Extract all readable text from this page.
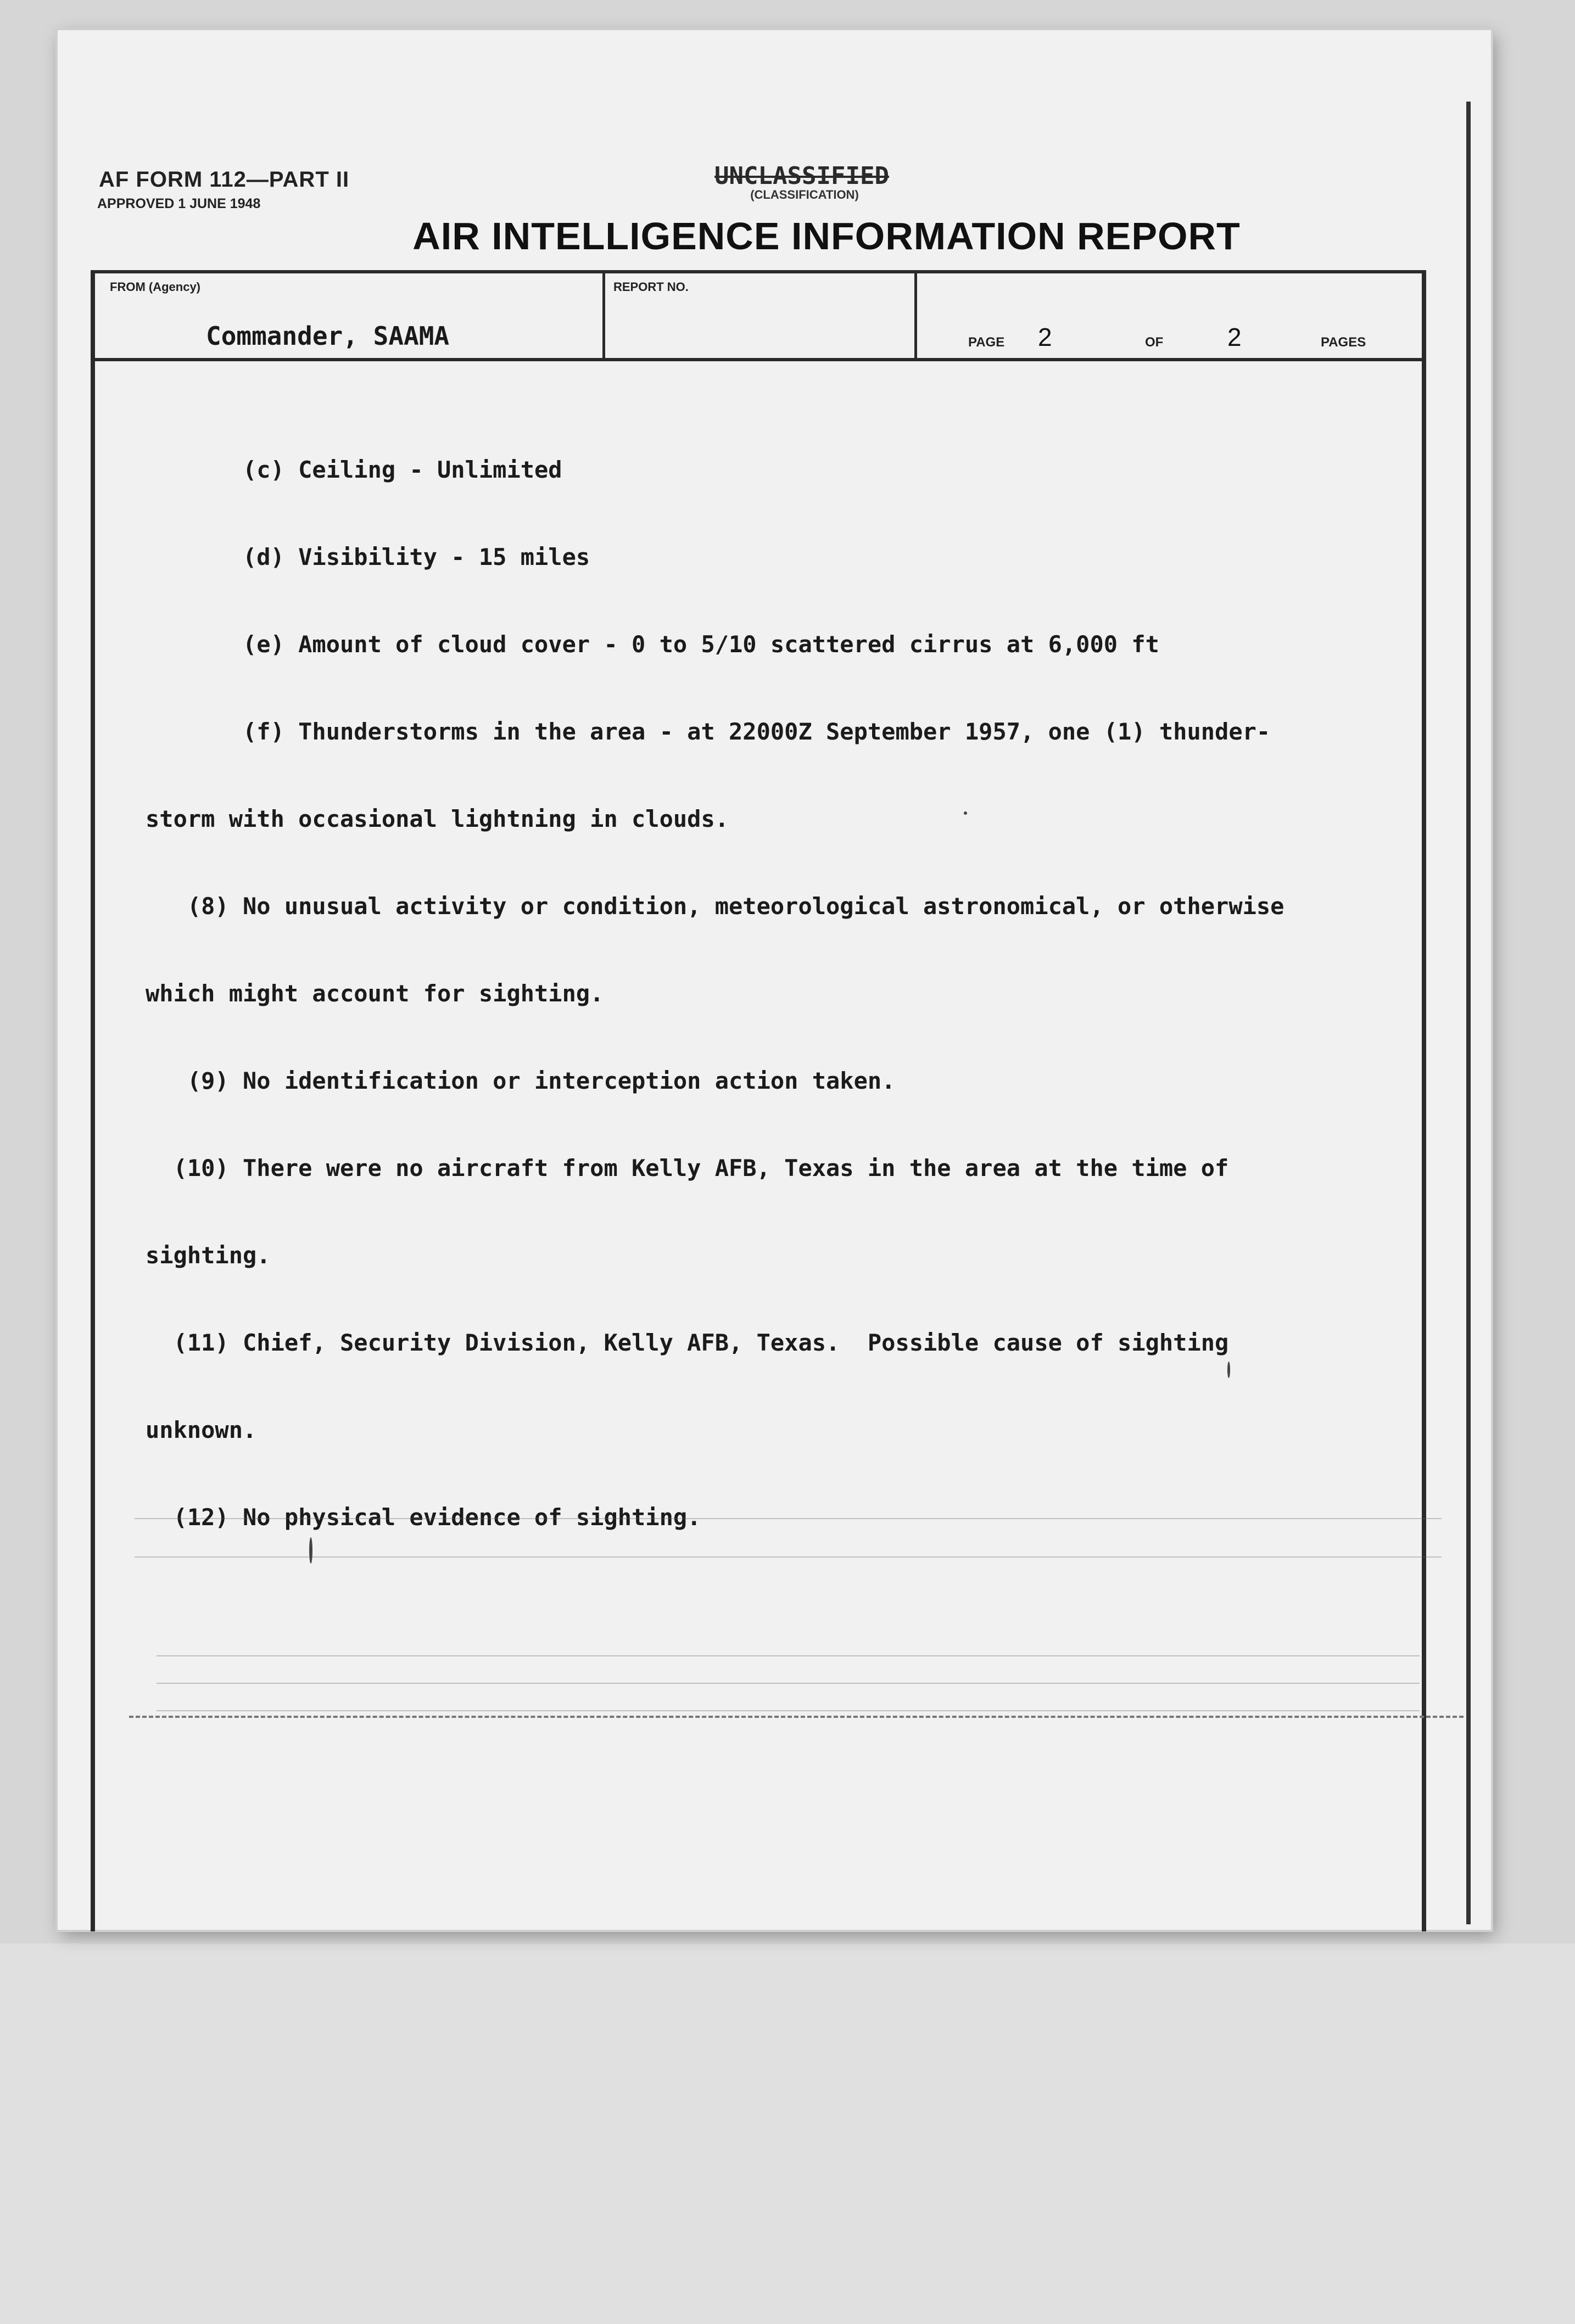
AF FORM 112—PART II
APPROVED 1 JUNE 1948
UNCLASSIFIED
(CLASSIFICATION)
AIR INTELLIGENCE INFORMATION REPORT
FROM (Agency)
Commander, SAAMA
REPORT NO.
PAGE 2	OF	2	PAGES

(c) Ceiling - Unlimited

(d) Visibility - 15 miles

(e) Amount of cloud cover - 0 to 5/10 scattered cirrus at 6,000 ft

(f) Thunderstorms in the area - at 22000Z September 1957, one (1) thunder-

storm with occasional lightning in clouds.

(8) No unusual activity or condition, meteorological astronomical, or otherwise

which might account for sighting.

(9) No identification or interception action taken.

(10) There were no aircraft from Kelly AFB, Texas in the area at the time of

sighting.

(11) Chief, Security Division, Kelly AFB, Texas.  Possible cause of sighting

unknown.

(12) No physical evidence of sighting.
